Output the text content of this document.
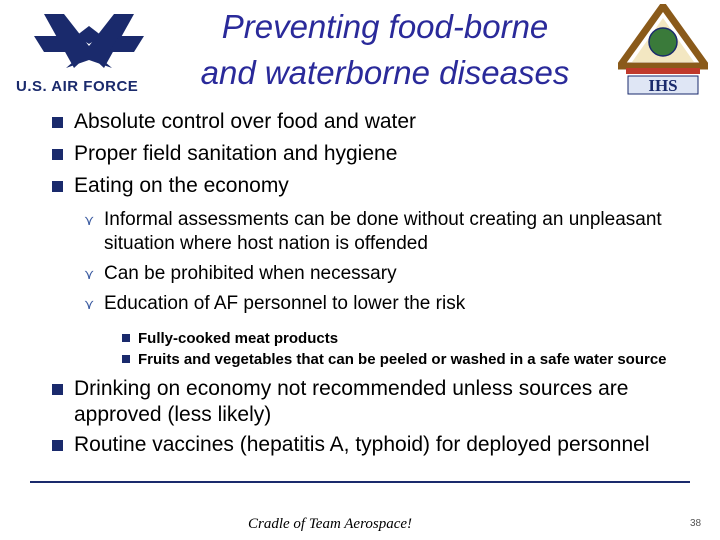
U.S. AIR FORCE
Preventing food-borne
and waterborne diseases	IHS
Absolute control over food and water
Proper field sanitation and hygiene
Eating on the economy
⋎ Informal assessments can be done without creating an unpleasant situation where host nation is offended
⋎ Can be prohibited when necessary
⋎ Education of AF personnel to lower the risk
Fully-cooked meat products
Fruits and vegetables that can be peeled or washed in a safe water source
Drinking on economy not recommended unless sources are approved (less likely)
Routine vaccines (hepatitis A, typhoid) for deployed personnel
Cradle of Team Aerospace!	38
